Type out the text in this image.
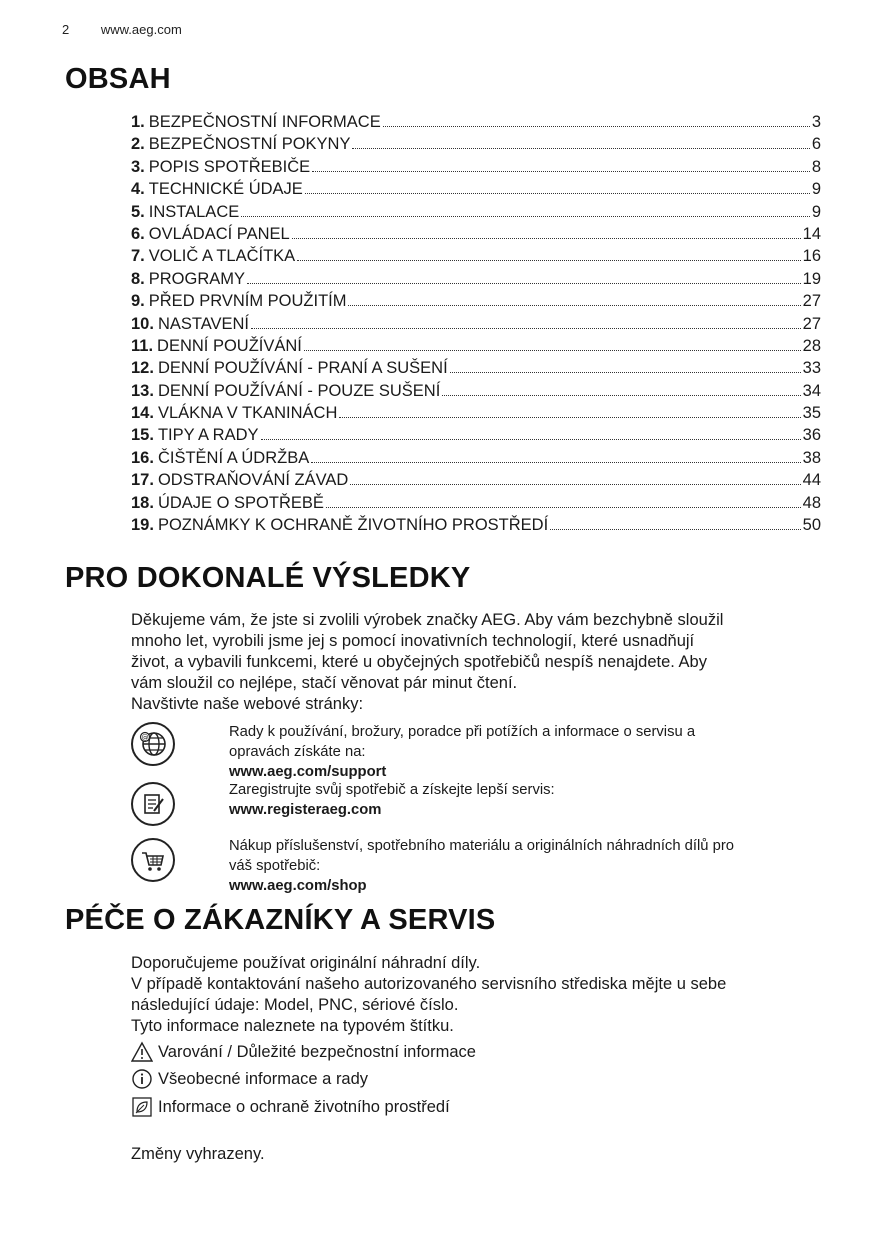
2 www.aeg.com
OBSAH
1. BEZPEČNOSTNÍ INFORMACE	3
2. BEZPEČNOSTNÍ POKYNY	6
3. POPIS SPOTŘEBIČE	8
4. TECHNICKÉ ÚDAJE	9
5. INSTALACE	9
6. OVLÁDACÍ PANEL	14
7. VOLIČ A TLAČÍTKA	16
8. PROGRAMY	19
9. PŘED PRVNÍM POUŽITÍM	27
10. NASTAVENÍ	27
11. DENNÍ POUŽÍVÁNÍ	28
12. DENNÍ POUŽÍVÁNÍ - PRANÍ A SUŠENÍ	33
13. DENNÍ POUŽÍVÁNÍ - POUZE SUŠENÍ	34
14. VLÁKNA V TKANINÁCH	35
15. TIPY A RADY	36
16. ČIŠTĚNÍ A ÚDRŽBA	38
17. ODSTRAŇOVÁNÍ ZÁVAD	44
18. ÚDAJE O SPOTŘEBĚ	48
19. POZNÁMKY K OCHRANĚ ŽIVOTNÍHO PROSTŘEDÍ	50
PRO DOKONALÉ VÝSLEDKY

Děkujeme vám, že jste si zvolili výrobek značky AEG. Aby vám bezchybně sloužil

mnoho let, vyrobili jsme jej s pomocí inovativních technologií, které usnadňují

život, a vybavili funkcemi, které u obyčejných spotřebičů nespíš nenajdete. Aby

vám sloužil co nejlépe, stačí věnovat pár minut čtení.

Navštivte naše webové stránky:

@	Rady k používání, brožury, poradce při potížích a informace o servisu a
opravách získáte na:
www.aeg.com/support
Zaregistrujte svůj spotřebič a získejte lepší servis:
www.registeraeg.com
Nákup příslušenství, spotřebního materiálu a originálních náhradních dílů pro
váš spotřebič:
www.aeg.com/shop
PÉČE O ZÁKAZNÍKY A SERVIS

Doporučujeme používat originální náhradní díly.

V případě kontaktování našeho autorizovaného servisního střediska mějte u sebe

následující údaje: Model, PNC, sériové číslo.

Tyto informace naleznete na typovém štítku.

Varování / Důležité bezpečnostní informace
Všeobecné informace a rady
Informace o ochraně životního prostředí
Změny vyhrazeny.
